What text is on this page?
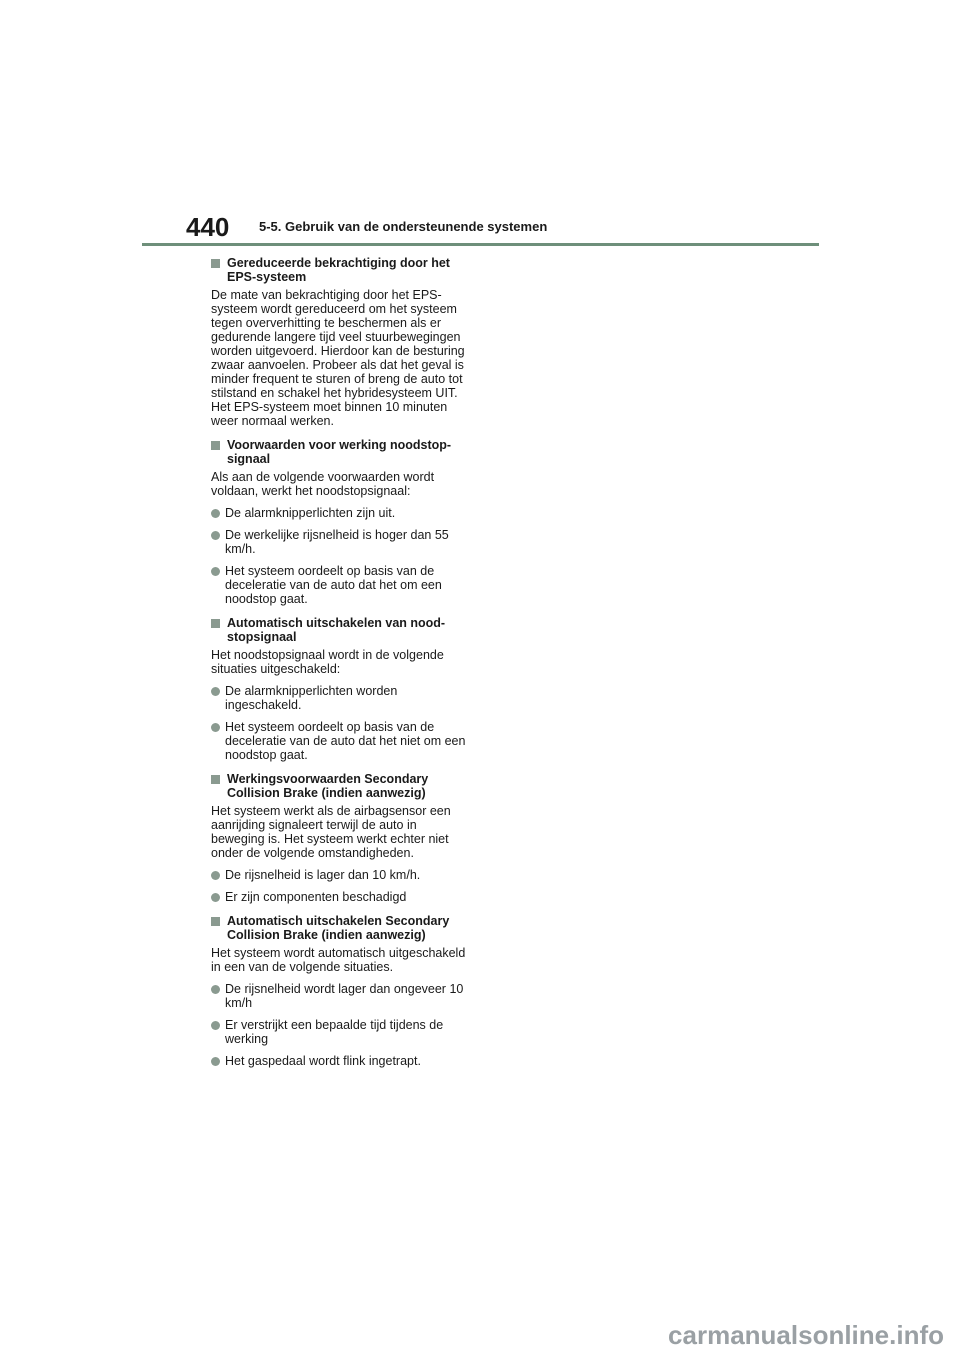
440 5-5. Gebruik van de ondersteunende systemen
Gereduceerde bekrachtiging door het EPS-systeem
De mate van bekrachtiging door het EPS-systeem wordt gereduceerd om het systeem tegen oververhitting te beschermen als er gedurende langere tijd veel stuurbewegingen worden uitgevoerd. Hierdoor kan de besturing zwaar aanvoelen. Probeer als dat het geval is minder frequent te sturen of breng de auto tot stilstand en schakel het hybridesysteem UIT. Het EPS-systeem moet binnen 10 minuten weer normaal werken.
Voorwaarden voor werking noodstop-signaal
Als aan de volgende voorwaarden wordt voldaan, werkt het noodstopsignaal:
De alarmknipperlichten zijn uit.
De werkelijke rijsnelheid is hoger dan 55 km/h.
Het systeem oordeelt op basis van de deceleratie van de auto dat het om een noodstop gaat.
Automatisch uitschakelen van nood-stopsignaal
Het noodstopsignaal wordt in de volgende situaties uitgeschakeld:
De alarmknipperlichten worden ingeschakeld.
Het systeem oordeelt op basis van de deceleratie van de auto dat het niet om een noodstop gaat.
Werkingsvoorwaarden Secondary Collision Brake (indien aanwezig)
Het systeem werkt als de airbagsensor een aanrijding signaleert terwijl de auto in beweging is. Het systeem werkt echter niet onder de volgende omstandigheden.
De rijsnelheid is lager dan 10 km/h.
Er zijn componenten beschadigd
Automatisch uitschakelen Secondary Collision Brake (indien aanwezig)
Het systeem wordt automatisch uitgeschakeld in een van de volgende situaties.
De rijsnelheid wordt lager dan ongeveer 10 km/h
Er verstrijkt een bepaalde tijd tijdens de werking
Het gaspedaal wordt flink ingetrapt.
carmanualsonline.info
